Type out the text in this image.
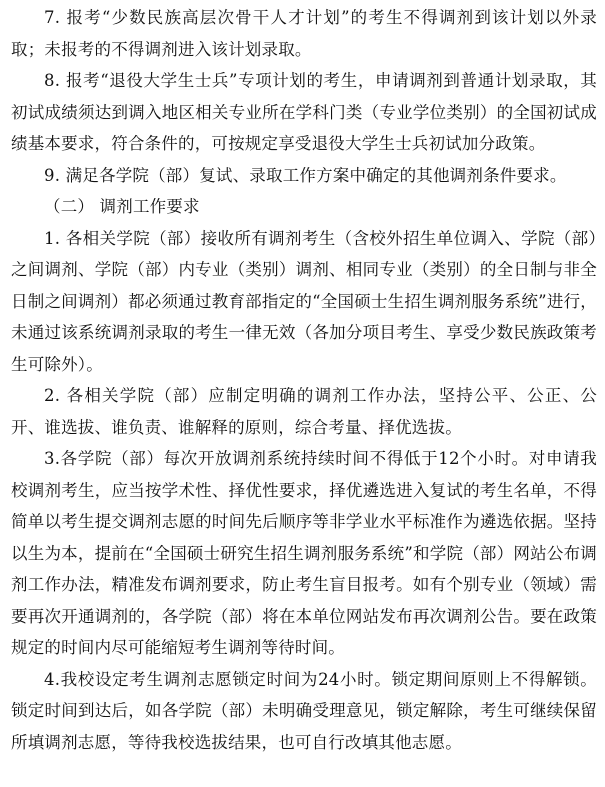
7. 报考“少数民族高层次骨干人才计划”的考生不得调剂到该计划以外录取；未报考的不得调剂进入该计划录取。

8. 报考“退役大学生士兵”专项计划的考生，申请调剂到普通计划录取，其初试成绩须达到调入地区相关专业所在学科门类（专业学位类别）的全国初试成绩基本要求，符合条件的，可按规定享受退役大学生士兵初试加分政策。

9. 满足各学院（部）复试、录取工作方案中确定的其他调剂条件要求。

（二） 调剂工作要求

1. 各相关学院（部）接收所有调剂考生（含校外招生单位调入、学院（部）之间调剂、学院（部）内专业（类别）调剂、相同专业（类别）的全日制与非全日制之间调剂）都必须通过教育部指定的“全国硕士生招生调剂服务系统”进行，未通过该系统调剂录取的考生一律无效（各加分项目考生、享受少数民族政策考生可除外）。

2. 各相关学院（部）应制定明确的调剂工作办法，坚持公平、公正、公开、谁选拔、谁负责、谁解释的原则，综合考量、择优选拔。

3.各学院（部）每次开放调剂系统持续时间不得低于12个小时。对申请我校调剂考生，应当按学术性、择优性要求，择优遴选进入复试的考生名单，不得简单以考生提交调剂志愿的时间先后顺序等非学业水平标准作为遴选依据。坚持以生为本，提前在“全国硕士研究生招生调剂服务系统”和学院（部）网站公布调剂工作办法，精准发布调剂要求，防止考生盲目报考。如有个别专业（领域）需要再次开通调剂的，各学院（部）将在本单位网站发布再次调剂公告。要在政策规定的时间内尽可能缩短考生调剂等待时间。

4.我校设定考生调剂志愿锁定时间为24小时。锁定期间原则上不得解锁。锁定时间到达后，如各学院（部）未明确受理意见，锁定解除，考生可继续保留所填调剂志愿，等待我校选拔结果，也可自行改填其他志愿。
